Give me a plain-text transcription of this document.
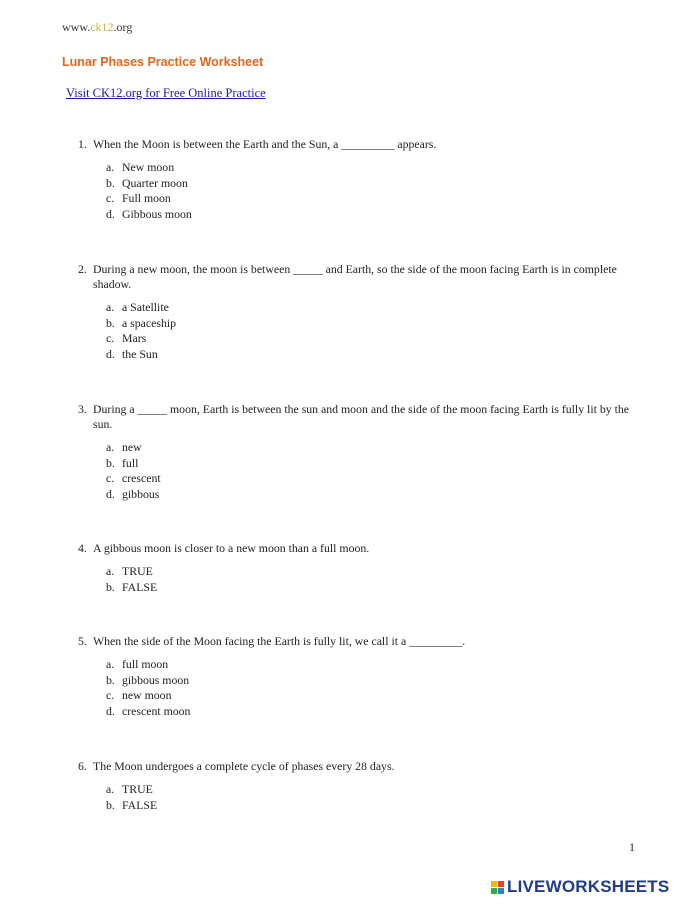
www.ck12.org
Lunar Phases Practice Worksheet
Visit CK12.org for Free Online Practice
1. When the Moon is between the Earth and the Sun, a _________ appears.
a. New moon
b. Quarter moon
c. Full moon
d. Gibbous moon
2. During a new moon, the moon is between _____ and Earth, so the side of the moon facing Earth is in complete shadow.
a. a Satellite
b. a spaceship
c. Mars
d. the Sun
3. During a _____ moon, Earth is between the sun and moon and the side of the moon facing Earth is fully lit by the sun.
a. new
b. full
c. crescent
d. gibbous
4. A gibbous moon is closer to a new moon than a full moon.
a. TRUE
b. FALSE
5. When the side of the Moon facing the Earth is fully lit, we call it a _________.
a. full moon
b. gibbous moon
c. new moon
d. crescent moon
6. The Moon undergoes a complete cycle of phases every 28 days.
a. TRUE
b. FALSE
1
LIVEWORKSHEETS
